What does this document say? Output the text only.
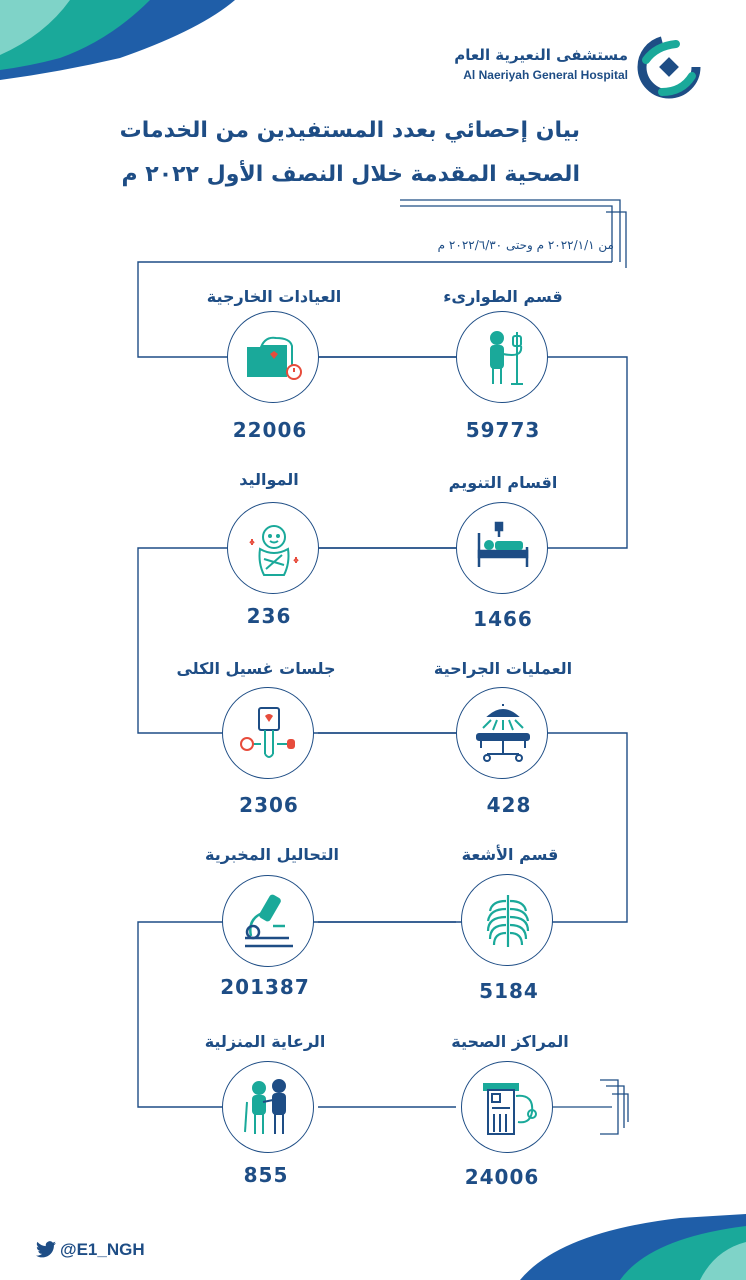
مستشفى النعيرية العام
Al Naeriyah General Hospital
بيان إحصائي بعدد المستفيدين من الخدمات
الصحية المقدمة خلال النصف الأول ٢٠٢٢ م
من ٢٠٢٢/١/١ م وحتى ٢٠٢٢/٦/٣٠ م
قسم الطوارىء
59773
العيادات الخارجية
22006
اقسام التنويم
1466
المواليد
236
العمليات الجراحية
428
جلسات غسيل الكلى
2306
قسم الأشعة
5184
التحاليل المخبرية
201387
المراكز الصحية
24006
الرعاية المنزلية
855
@E1_NGH
